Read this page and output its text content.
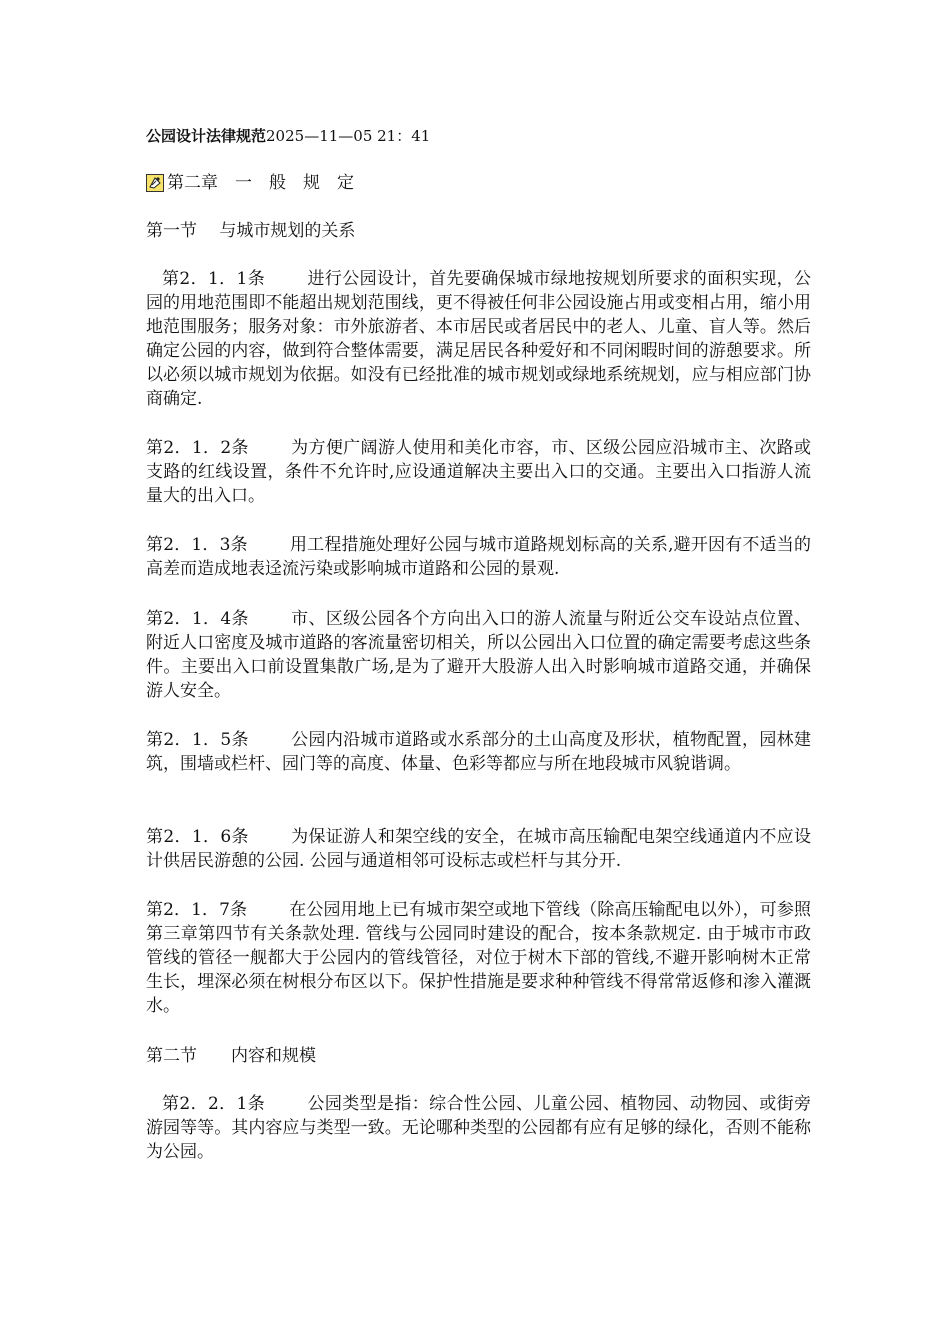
公园设计法律规范2025—11—05 21：41
第二章　一　般　规　定
第一节　 与城市规划的关系
第2．1．1条 进行公园设计，首先要确保城市绿地按规划所要求的面积实现，公园的用地范围即不能超出规划范围线，更不得被任何非公园设施占用或变相占用，缩小用地范围服务；服务对象：市外旅游者、本市居民或者居民中的老人、儿童、盲人等。然后确定公园的内容，做到符合整体需要，满足居民各种爱好和不同闲暇时间的游憩要求。所以必须以城市规划为依据。如没有已经批准的城市规划或绿地系统规划，应与相应部门协商确定.
第2．1．2条 为方便广阔游人使用和美化市容，市、区级公园应沿城市主、次路或支路的红线设置，条件不允许时,应设通道解决主要出入口的交通。主要出入口指游人流量大的出入口。
第2．1．3条 用工程措施处理好公园与城市道路规划标高的关系,避开因有不适当的高差而造成地表迳流污染或影响城市道路和公园的景观.
第2．1．4条 市、区级公园各个方向出入口的游人流量与附近公交车设站点位置、附近人口密度及城市道路的客流量密切相关，所以公园出入口位置的确定需要考虑这些条件。主要出入口前设置集散广场,是为了避开大股游人出入时影响城市道路交通，并确保游人安全。
第2．1．5条 公园内沿城市道路或水系部分的土山高度及形状，植物配置，园林建筑，围墙或栏杆、园门等的高度、体量、色彩等都应与所在地段城市风貌谐调。
第2．1．6条 为保证游人和架空线的安全，在城市高压输配电架空线通道内不应设计供居民游憩的公园. 公园与通道相邻可设标志或栏杆与其分开.
第2．1．7条 在公园用地上已有城市架空或地下管线（除高压输配电以外），可参照第三章第四节有关条款处理. 管线与公园同时建设的配合，按本条款规定. 由于城市市政管线的管径一舰都大于公园内的管线管径，对位于树木下部的管线,不避开影响树木正常生长，埋深必须在树根分布区以下。保护性措施是要求种种管线不得常常返修和渗入灌溉水。
第二节　　内容和规模
第2．2．1条 公园类型是指：综合性公园、儿童公园、植物园、动物园、或街旁游园等等。其内容应与类型一致。无论哪种类型的公园都有应有足够的绿化，否则不能称为公园。
